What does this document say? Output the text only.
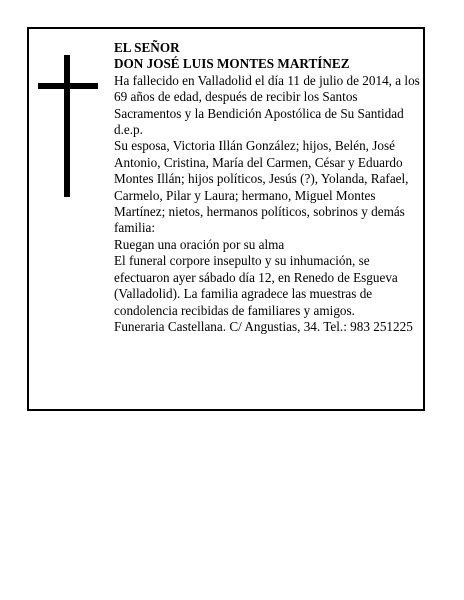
EL SEÑOR

DON JOSÉ LUIS MONTES MARTÍNEZ

Ha fallecido en Valladolid el día 11 de julio de 2014, a los 69 años de edad, después de recibir los Santos Sacramentos y la Bendición Apostólica de Su Santidad d.e.p.

Su esposa, Victoria Illán González; hijos, Belén, José Antonio, Cristina, María del Carmen, César y Eduardo Montes Illán; hijos políticos, Jesús (?), Yolanda, Rafael, Carmelo, Pilar y Laura; hermano, Miguel Montes Martínez; nietos, hermanos políticos, sobrinos y demás familia:

Ruegan una oración por su alma

El funeral corpore insepulto y su inhumación, se efectuaron ayer sábado día 12, en Renedo de Esgueva (Valladolid). La familia agradece las muestras de condolencia recibidas de familiares y amigos.

Funeraria Castellana. C/ Angustias, 34. Tel.: 983 251225
